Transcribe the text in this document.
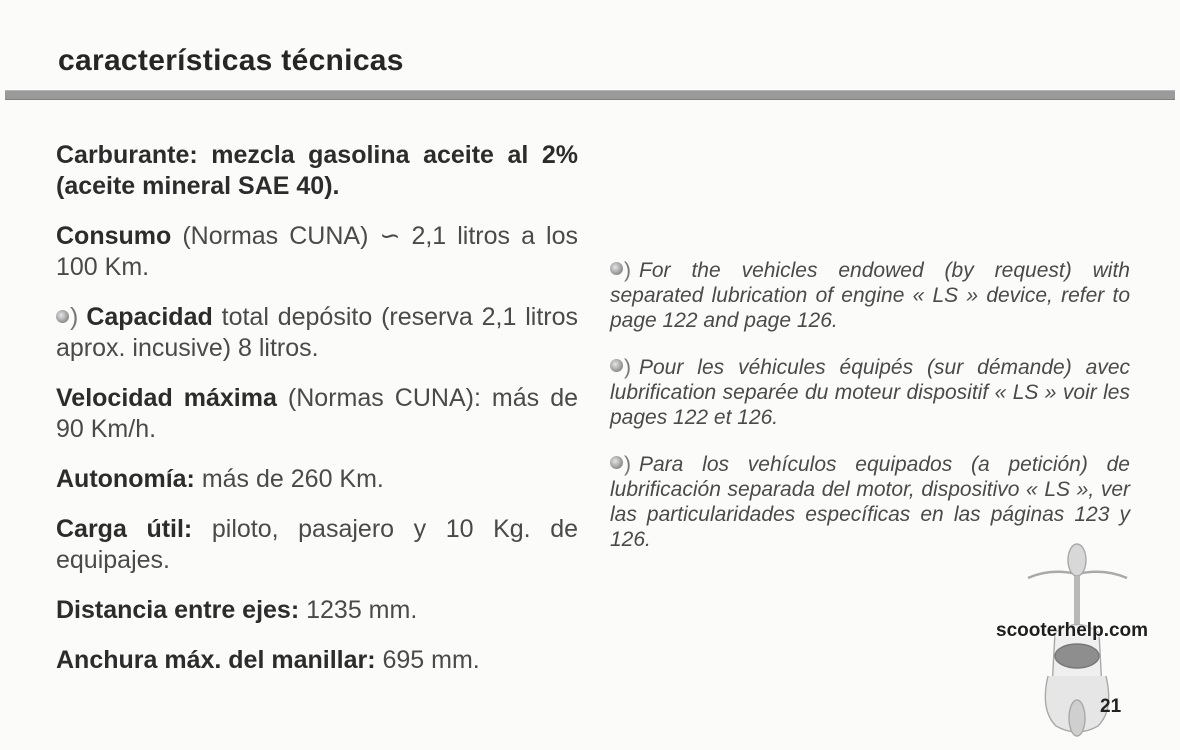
características técnicas

Carburante: mezcla gasolina aceite al 2% (aceite mineral SAE 40).

Consumo (Normas CUNA) ∽ 2,1 litros a los 100 Km.

) Capacidad total depósito (reserva 2,1 litros aprox. incusive) 8 litros.

Velocidad máxima (Normas CUNA): más de 90 Km/h.

Autonomía: más de 260 Km.

Carga útil: piloto, pasajero y 10 Kg. de equipajes.

Distancia entre ejes: 1235 mm.

Anchura máx. del manillar: 695 mm.

) For the vehicles endowed (by request) with separated lubrication of engine « LS » device, refer to page 122 and page 126.

) Pour les véhicules équipés (sur démande) avec lubrification separée du moteur dispositif « LS » voir les pages 122 et 126.

) Para los vehículos equipados (a petición) de lubrificación separada del motor, dispositivo « LS », ver las particularidades específicas en las páginas 123 y 126.

scooterhelp.com
21
